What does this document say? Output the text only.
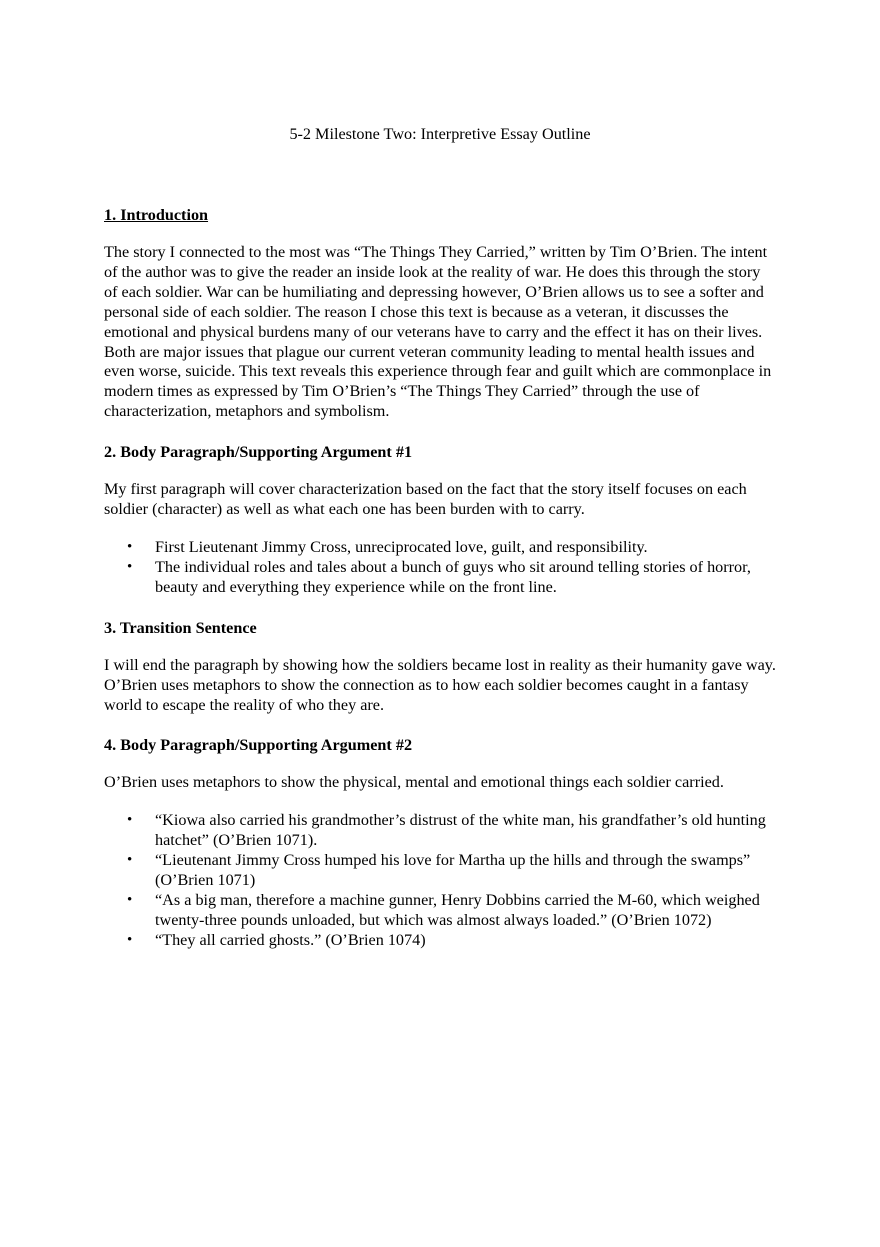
5-2 Milestone Two: Interpretive Essay Outline
1. Introduction

The story I connected to the most was “The Things They Carried,” written by Tim O’Brien. The intent of the author was to give the reader an inside look at the reality of war. He does this through the story of each soldier. War can be humiliating and depressing however, O’Brien allows us to see a softer and personal side of each soldier. The reason I chose this text is because as a veteran, it discusses the emotional and physical burdens many of our veterans have to carry and the effect it has on their lives. Both are major issues that plague our current veteran community leading to mental health issues and even worse, suicide. This text reveals this experience through fear and guilt which are commonplace in modern times as expressed by Tim O’Brien’s “The Things They Carried” through the use of characterization, metaphors and symbolism.

2. Body Paragraph/Supporting Argument #1

My first paragraph will cover characterization based on the fact that the story itself focuses on each soldier (character) as well as what each one has been burden with to carry.

• First Lieutenant Jimmy Cross, unreciprocated love, guilt, and responsibility.
• The individual roles and tales about a bunch of guys who sit around telling stories of horror, beauty and everything they experience while on the front line.
3. Transition Sentence

I will end the paragraph by showing how the soldiers became lost in reality as their humanity gave way. O’Brien uses metaphors to show the connection as to how each soldier becomes caught in a fantasy world to escape the reality of who they are.

4. Body Paragraph/Supporting Argument #2

O’Brien uses metaphors to show the physical, mental and emotional things each soldier carried.

• “Kiowa also carried his grandmother’s distrust of the white man, his grandfather’s old hunting hatchet” (O’Brien 1071).
• “Lieutenant Jimmy Cross humped his love for Martha up the hills and through the swamps” (O’Brien 1071)
• “As a big man, therefore a machine gunner, Henry Dobbins carried the M-60, which weighed twenty-three pounds unloaded, but which was almost always loaded.” (O’Brien 1072)
• “They all carried ghosts.” (O’Brien 1074)
